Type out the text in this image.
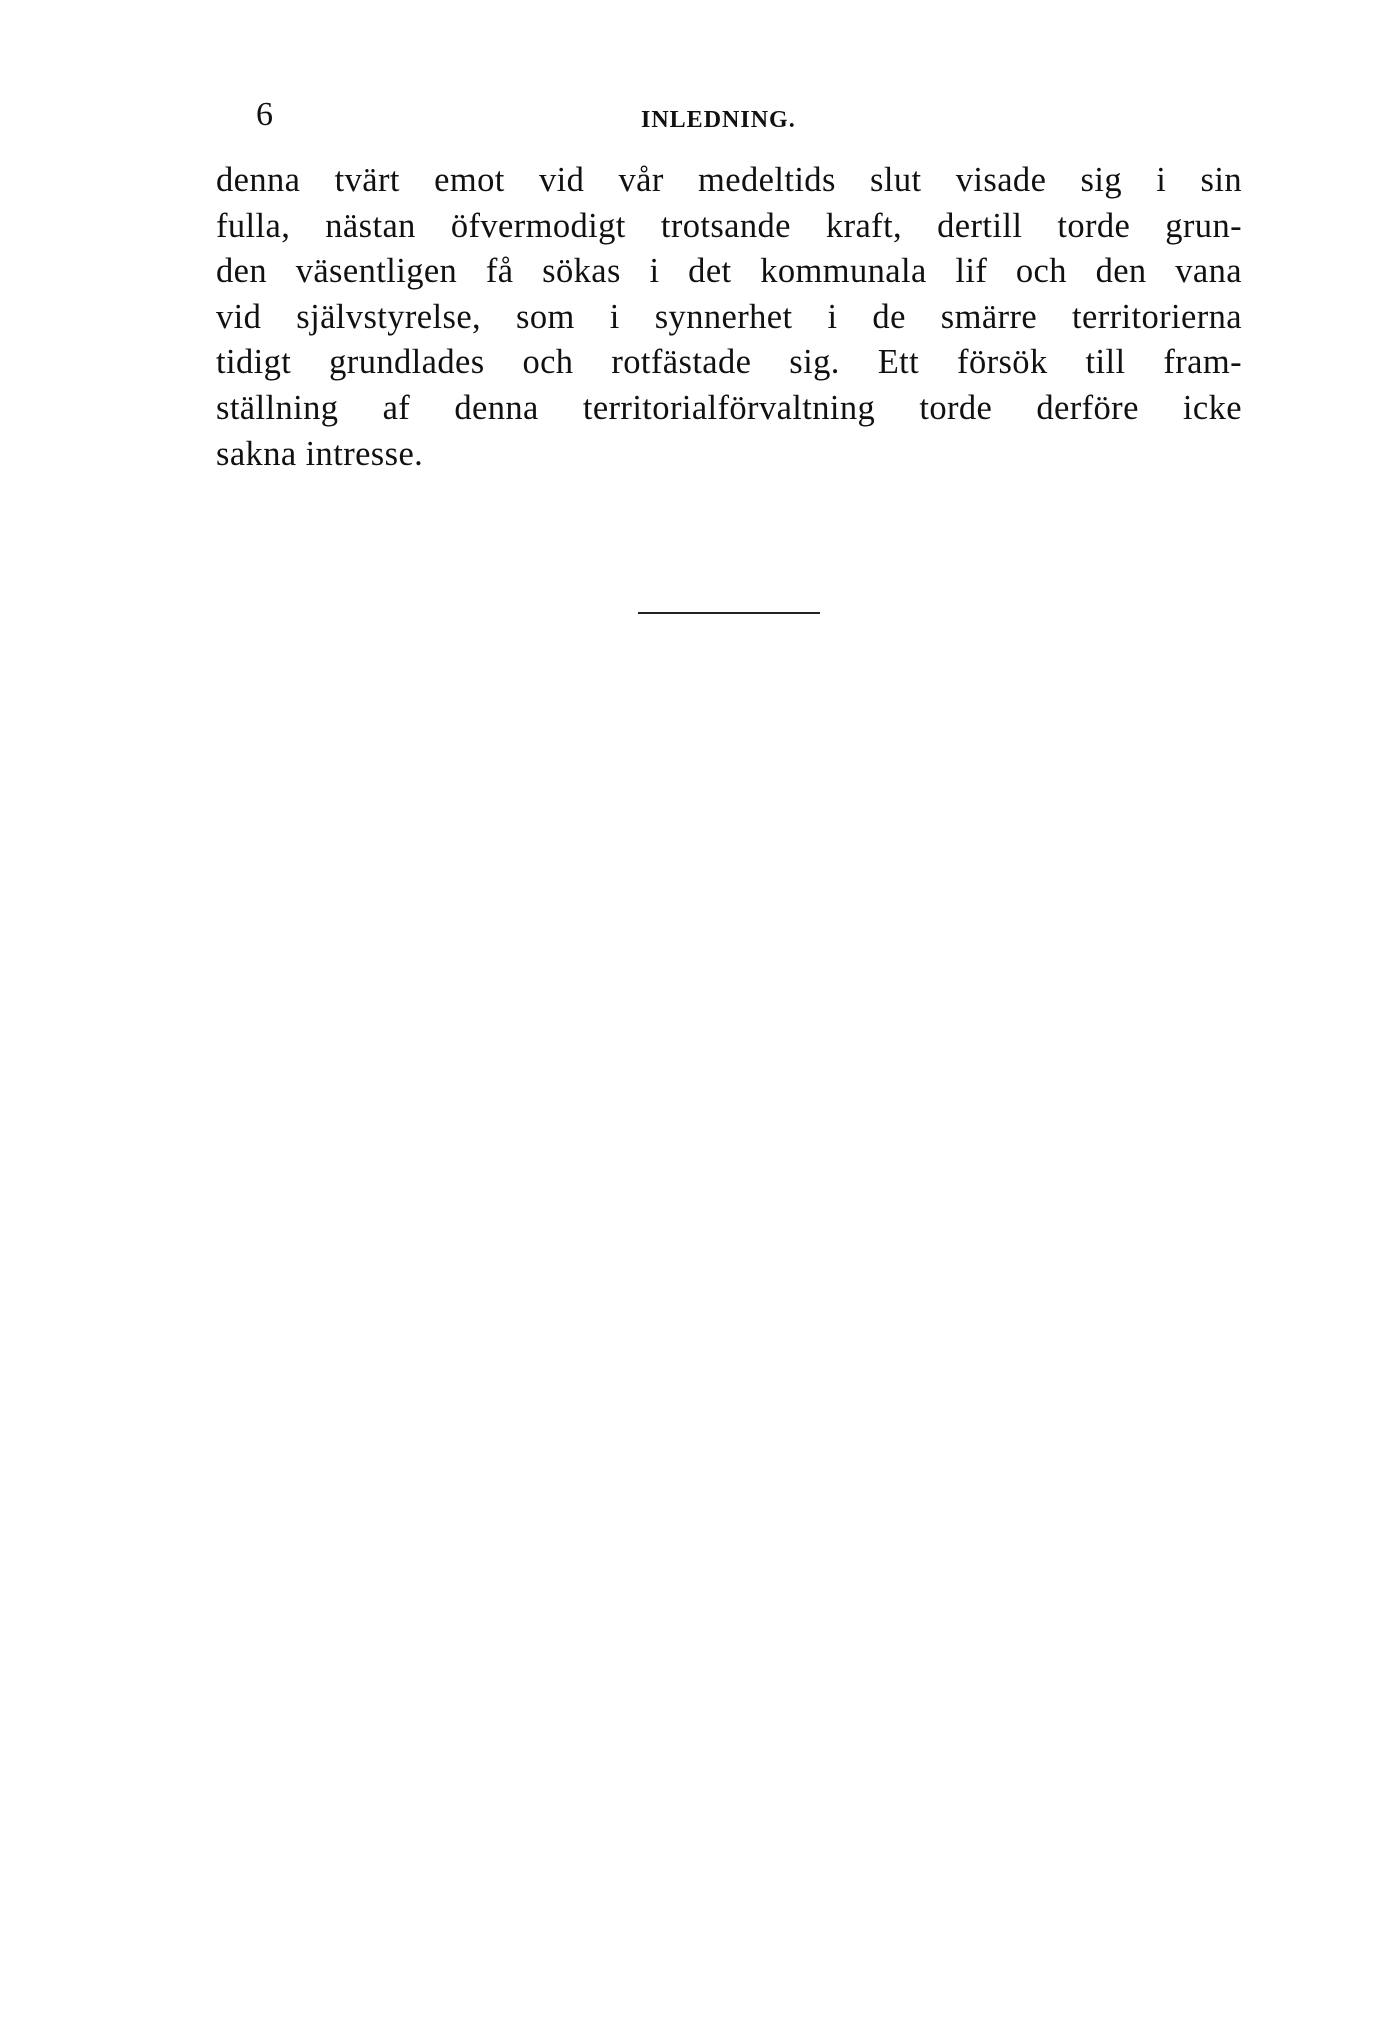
6	INLEDNING.
denna tvärt emot vid vår medeltids slut visade sig i sin
fulla, nästan öfvermodigt trotsande kraft, dertill torde grun-
den väsentligen få sökas i det kommunala lif och den vana
vid självstyrelse, som i synnerhet i de smärre territorierna
tidigt grundlades och rotfästade sig. Ett försök till fram-
ställning af denna territorialförvaltning torde derföre icke
sakna intresse.
